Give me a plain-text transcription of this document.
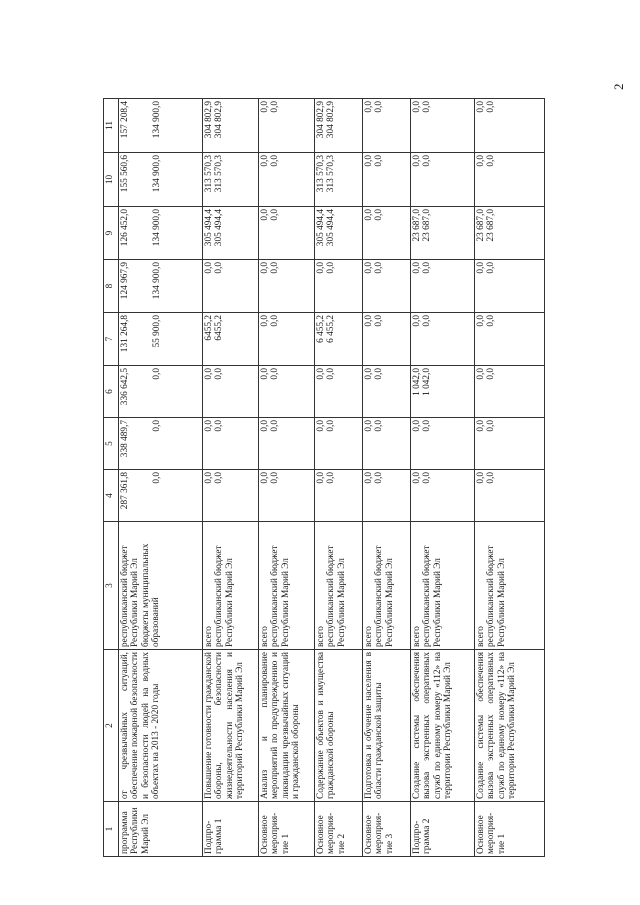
2
1	2	3	4	5	6	7	8	9	10	11
программа Республики Марий Эл	от чрезвычайных ситуаций, обеспечение пожарной безопасности и безопасности людей на водных объектах на 2013 - 2020 годы	республиканский бюджет Республики Марий Эл бюджеты муниципальных образований	287 361,8 0,0	338 489,7 0,0	336 642,5 0,0	131 264,8 55 900,0	124 967,9 134 900,0	126 452,0 134 900,0	155 560,6 134 900,0	157 208,4 134 900,0

Подпро-грамма 1	Повышение готовности гражданской обороны, безопасности жизнедеятельности населения и территорий Республики Марий Эл	всего республиканский бюджет Республики Марий Эл	0,0 0,0	0,0 0,0	0,0 0,0	6455,2 6455,2	0,0 0,0	305 494,4 305 494,4	313 570,3 313 570,3	304 802,9 304 802,9

Основное мероприя-тие 1	Анализ и планирование мероприятий по предупреждению и ликвидации чрезвычайных ситуаций и гражданской обороны	всего республиканский бюджет Республики Марий Эл	0,0 0,0	0,0 0,0	0,0 0,0	0,0 0,0	0,0 0,0	0,0 0,0	0,0 0,0	0,0 0,0

Основное мероприя-тие 2	Содержание объектов и имущества гражданской обороны	всего республиканский бюджет Республики Марий Эл	0,0 0,0	0,0 0,0	0,0 0,0	6 455,2 6 455,2	0,0 0,0	305 494,4 305 494,4	313 570,3 313 570,3	304 802,9 304 802,9

Основное мероприя-тие 3	Подготовка и обучение населения в области гражданской защиты	всего республиканский бюджет Республики Марий Эл	0,0 0,0	0,0 0,0	0,0 0,0	0,0 0,0	0,0 0,0	0,0 0,0	0,0 0,0	0,0 0,0

Подпро-грамма 2	Создание системы обеспечения вызова экстренных оперативных служб по единому номеру «112» на территории Республики Марий Эл	всего республиканский бюджет Республики Марий Эл	0,0 0,0	0,0 0,0	1 042,0 1 042,0	0,0 0,0	0,0 0,0	23 687,0 23 687,0	0,0 0,0	0,0 0,0

Основное мероприя-тие 1	Создание системы обеспечения вызова экстренных оперативных служб по единому номеру «112» на территории Республики Марий Эл	всего республиканский бюджет Республики Марий Эл	0,0 0,0	0,0 0,0	0,0 0,0	0,0 0,0	0,0 0,0	23 687,0 23 687,0	0,0 0,0	0,0 0,0
